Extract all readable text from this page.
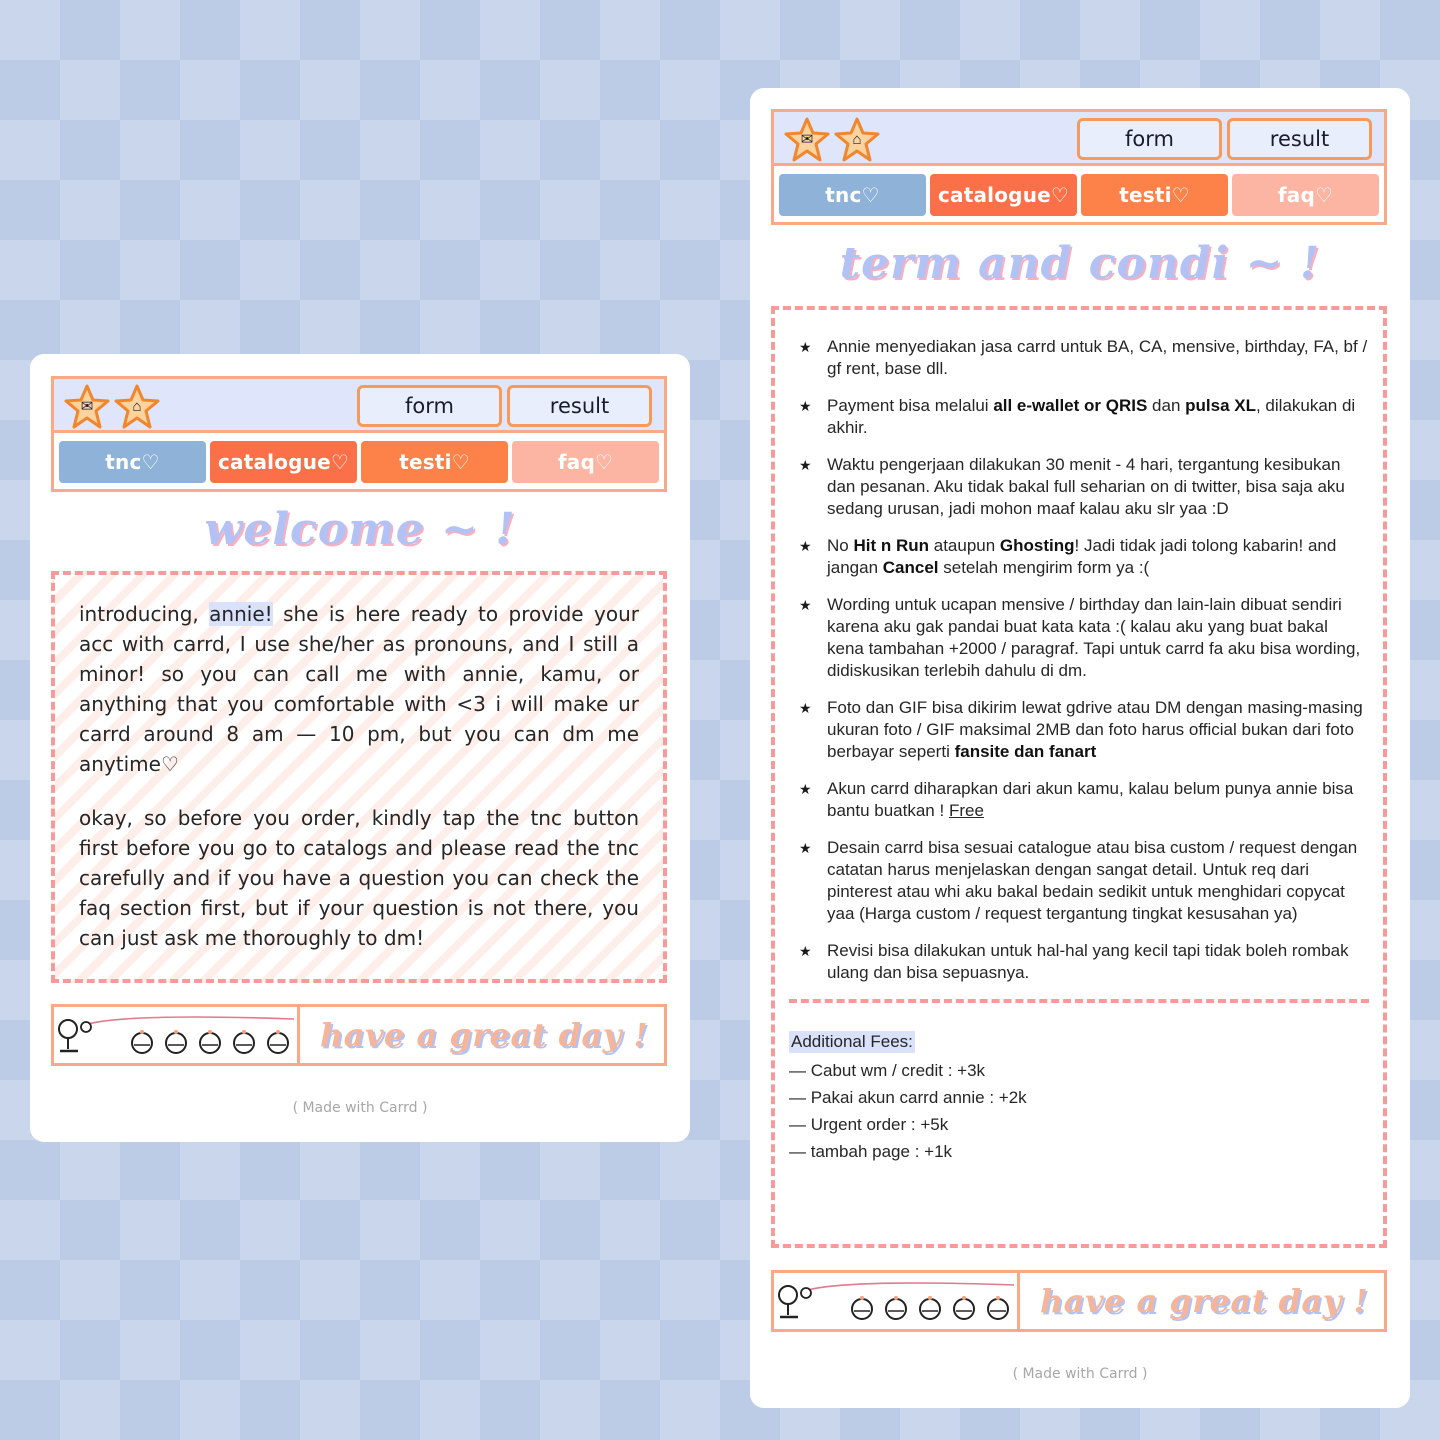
✉	⌂	form	result
tnc♡	catalogue♡	testi♡	faq♡
welcome ~ !

introducing, annie! she is here ready to provide your acc with carrd, I use she/her as pronouns, and I still a minor! so you can call me with annie, kamu, or anything that you comfortable with <3 i will make ur carrd around 8 am — 10 pm, but you can dm me anytime♡

okay, so before you order, kindly tap the tnc button first before you go to catalogs and please read the tnc carefully and if you have a question you can check the faq section first, but if your question is not there, you can just ask me thoroughly to dm!

have a great day !
( Made with Carrd )
✉	⌂	form	result
tnc♡	catalogue♡	testi♡	faq♡
term and condi ~ !
★ Annie menyediakan jasa carrd untuk BA, CA, mensive, birthday, FA, bf / gf rent, base dll.
★ Payment bisa melalui all e-wallet or QRIS dan pulsa XL, dilakukan di akhir.
★ Waktu pengerjaan dilakukan 30 menit - 4 hari, tergantung kesibukan dan pesanan. Aku tidak bakal full seharian on di twitter, bisa saja aku sedang urusan, jadi mohon maaf kalau aku slr yaa :D
★ No Hit n Run ataupun Ghosting! Jadi tidak jadi tolong kabarin! and jangan Cancel setelah mengirim form ya :(
★ Wording untuk ucapan mensive / birthday dan lain-lain dibuat sendiri karena aku gak pandai buat kata kata :( kalau aku yang buat bakal kena tambahan +2000 / paragraf. Tapi untuk carrd fa aku bisa wording, didiskusikan terlebih dahulu di dm.
★ Foto dan GIF bisa dikirim lewat gdrive atau DM dengan masing-masing ukuran foto / GIF maksimal 2MB dan foto harus official bukan dari foto berbayar seperti fansite dan fanart
★ Akun carrd diharapkan dari akun kamu, kalau belum punya annie bisa bantu buatkan ! Free
★ Desain carrd bisa sesuai catalogue atau bisa custom / request dengan catatan harus menjelaskan dengan sangat detail. Untuk req dari pinterest atau whi aku bakal bedain sedikit untuk menghidari copycat yaa (Harga custom / request tergantung tingkat kesusahan ya)
★ Revisi bisa dilakukan untuk hal-hal yang kecil tapi tidak boleh rombak ulang dan bisa sepuasnya.
Additional Fees:
— Cabut wm / credit : +3k
— Pakai akun carrd annie : +2k
— Urgent order : +5k
— tambah page : +1k
have a great day !
( Made with Carrd )
